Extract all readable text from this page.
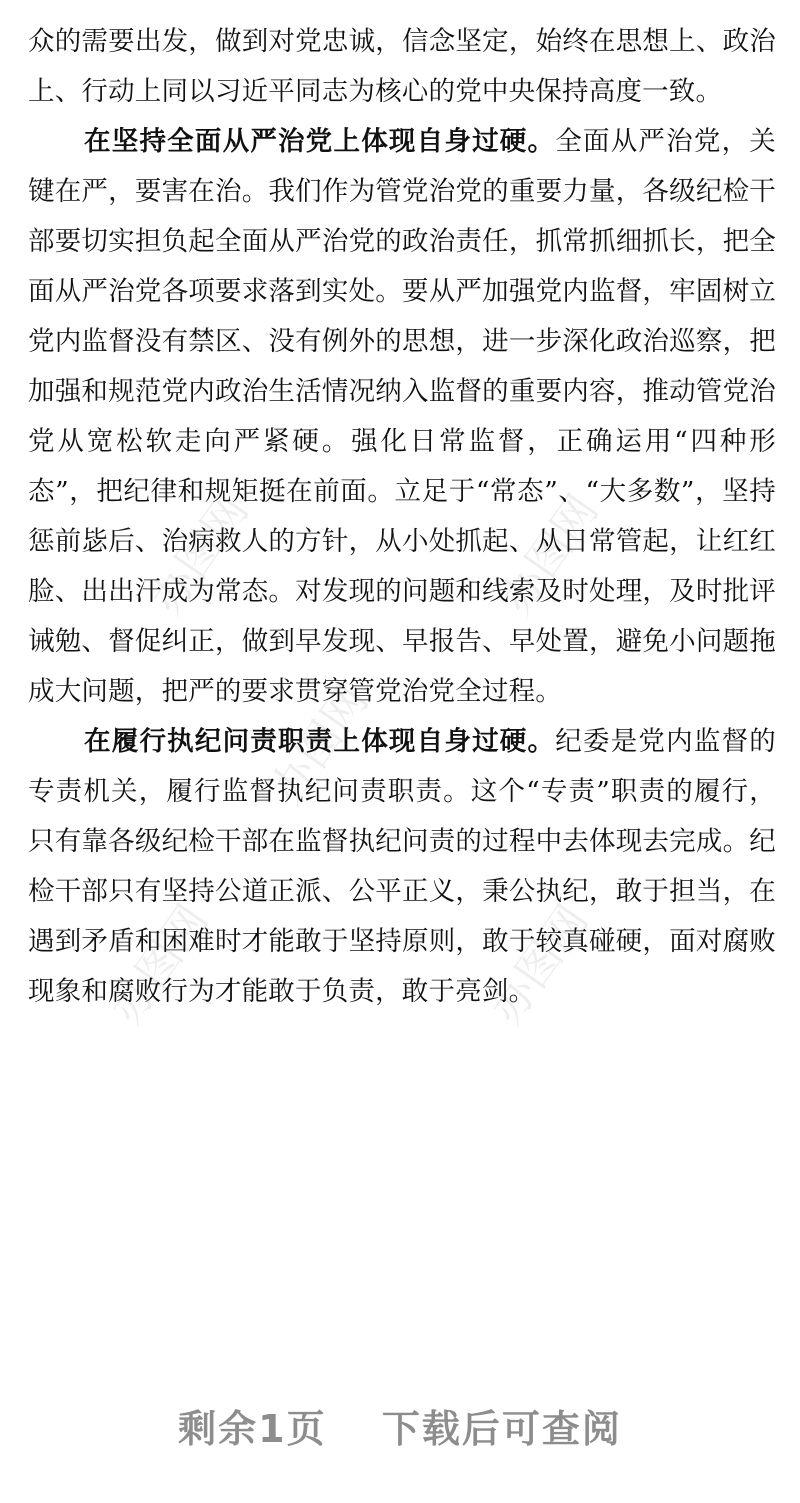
办图网	办图网
办图网
办图网	办图网

众的需要出发，做到对党忠诚，信念坚定，始终在思想上、政治上、行动上同以习近平同志为核心的党中央保持高度一致。

在坚持全面从严治党上体现自身过硬。全面从严治党，关键在严，要害在治。我们作为管党治党的重要力量，各级纪检干部要切实担负起全面从严治党的政治责任，抓常抓细抓长，把全面从严治党各项要求落到实处。要从严加强党内监督，牢固树立党内监督没有禁区、没有例外的思想，进一步深化政治巡察，把加强和规范党内政治生活情况纳入监督的重要内容，推动管党治党从宽松软走向严紧硬。强化日常监督，正确运用“四种形态”，把纪律和规矩挺在前面。立足于“常态”、“大多数”，坚持惩前毖后、治病救人的方针，从小处抓起、从日常管起，让红红脸、出出汗成为常态。对发现的问题和线索及时处理，及时批评诫勉、督促纠正，做到早发现、早报告、早处置，避免小问题拖成大问题，把严的要求贯穿管党治党全过程。

在履行执纪问责职责上体现自身过硬。纪委是党内监督的专责机关，履行监督执纪问责职责。这个“专责”职责的履行，只有靠各级纪检干部在监督执纪问责的过程中去体现去完成。纪检干部只有坚持公道正派、公平正义，秉公执纪，敢于担当，在遇到矛盾和困难时才能敢于坚持原则，敢于较真碰硬，面对腐败现象和腐败行为才能敢于负责，敢于亮剑。

剩余1页 下载后可查阅
